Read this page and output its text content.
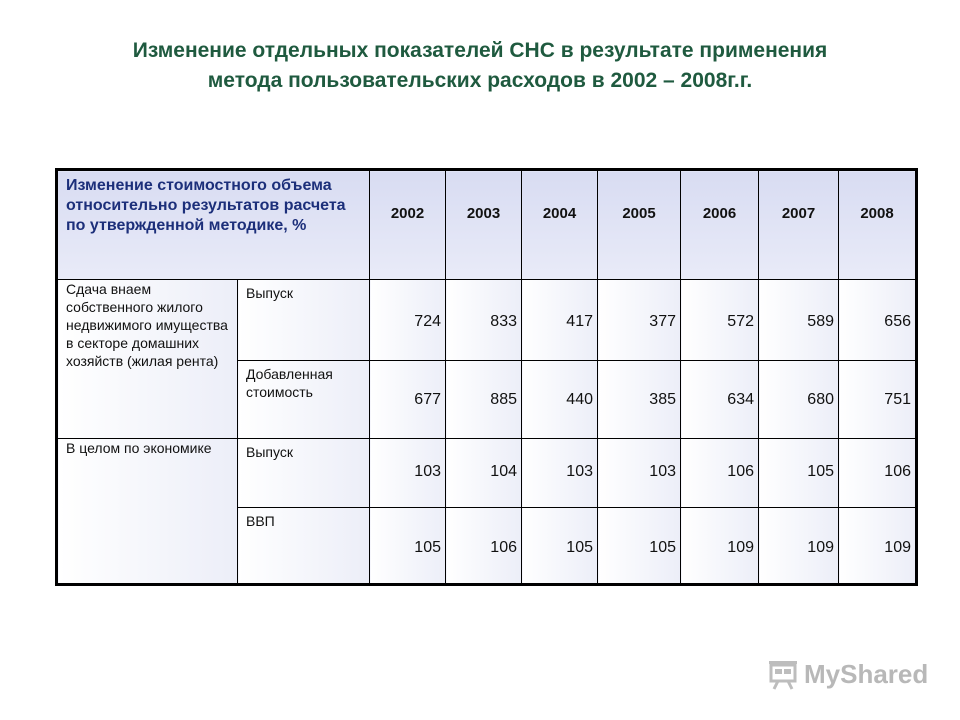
Изменение отдельных показателей СНС в результате применения
метода пользовательских расходов в 2002 – 2008г.г.
Изменение стоимостного объема относительно результатов расчета по утвержденной методике, %		2002	2003	2004	2005	2006	2007	2008

Сдача внаем собственного жилого недвижимого имущества в секторе домашних хозяйств (жилая рента)	Выпуск	724	833	417	377	572	589	656

	Добавленная стоимость	677	885	440	385	634	680	751

В целом по экономике	Выпуск	103	104	103	103	106	105	106

	ВВП	105	106	105	105	109	109	109
MyShared
